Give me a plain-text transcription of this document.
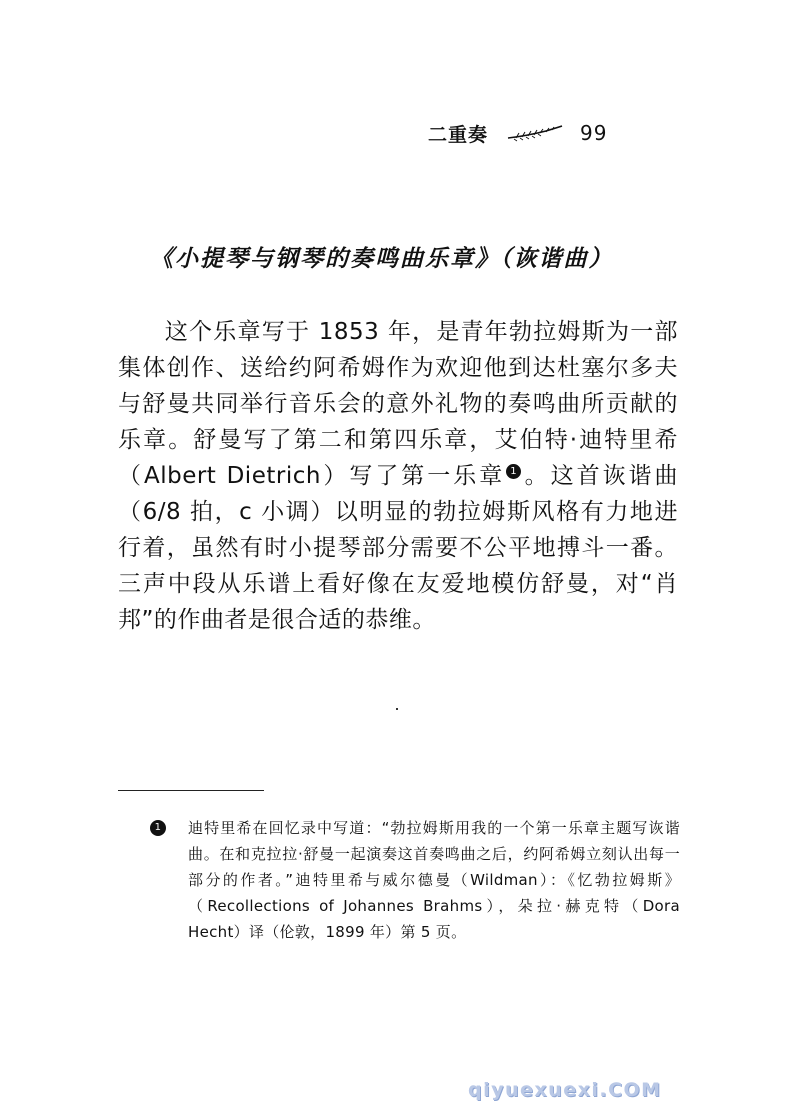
二重奏	99
《小提琴与钢琴的奏鸣曲乐章》（诙谐曲）

这个乐章写于 1853 年，是青年勃拉姆斯为一部集体创作、送给约阿希姆作为欢迎他到达杜塞尔多夫与舒曼共同举行音乐会的意外礼物的奏鸣曲所贡献的乐章。舒曼写了第二和第四乐章，艾伯特·迪特里希（Albert Dietrich）写了第一乐章 1 。这首诙谐曲（6/8 拍，c 小调）以明显的勃拉姆斯风格有力地进行着，虽然有时小提琴部分需要不公平地搏斗一番。三声中段从乐谱上看好像在友爱地模仿舒曼，对“肖邦”的作曲者是很合适的恭维。

1	迪特里希在回忆录中写道：“勃拉姆斯用我的一个第一乐章主题写诙谐曲。在和克拉拉·舒曼一起演奏这首奏鸣曲之后，约阿希姆立刻认出每一部分的作者。”迪特里希与威尔德曼（Wildman）：《忆勃拉姆斯》（Recollections of Johannes Brahms），朵拉·赫克特（Dora Hecht）译（伦敦，1899 年）第 5 页。
qiyuexuexi.COM
